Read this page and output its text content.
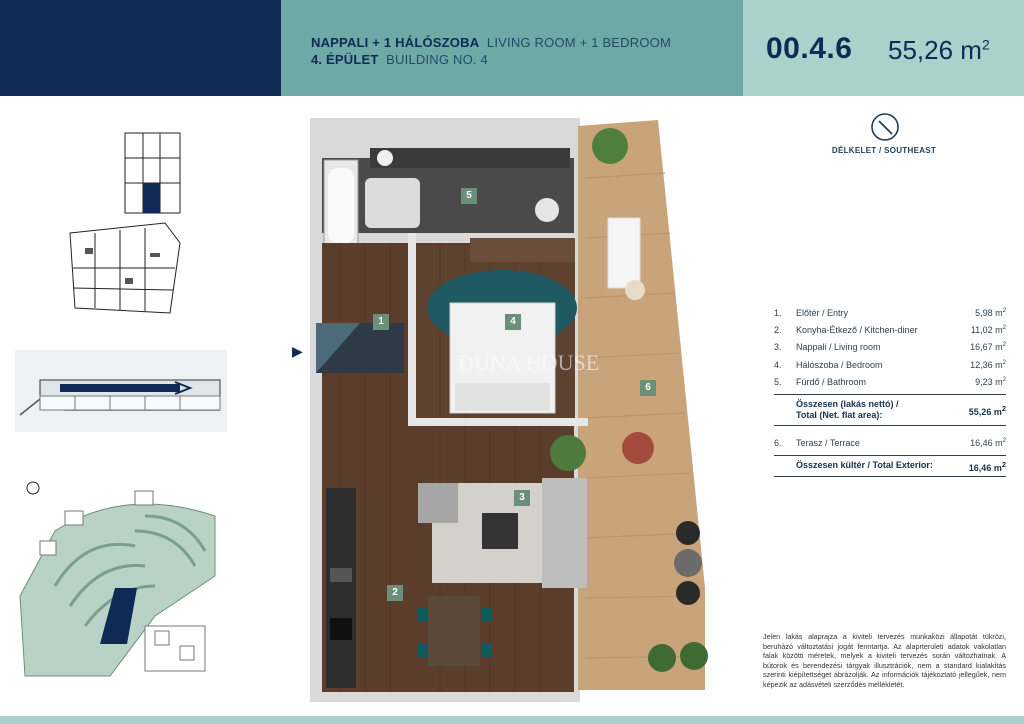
NAPPALI + 1 HÁLÓSZOBA LIVING ROOM + 1 BEDROOM
4. ÉPÜLET BUILDING NO. 4	00.4.6 55,26 $m^2$
▶	DUNA HOUSE
1
2
3
4
5
6
DÉLKELET / SOUTHEAST
1. Előtér / Entry	5,98 $m^2$
2. Konyha-Étkező / Kitchen-diner	11,02 $m^2$
3. Nappali / Living room	16,67 $m^2$
4. Hálószoba / Bedroom	12,36 $m^2$
5. Fürdő / Bathroom	9,23 $m^2$
Összesen (lakás nettó) /
Total (Net. flat area):	55,26 $m^2$
6. Terasz / Terrace	16,46 $m^2$
Összesen kültér / Total Exterior:	16,46 $m^2$
Jelen lakás alaprajza a kiviteli tervezés munkaközi állapotát tükrözi, beruházó változtatási jogát fenntartja. Az alaprteruleti adatok vakolatlan falak közötti méretek, melyek a kiviteli tervezés során változhatnak. A bútorok és berendezési tárgyak illusztrációk, nem a standard kialakítás szerinti kiépítettséget ábrázolják. Az információk tájékoztató jellegűek, nem képezik az adásvételi szerződés mellékletét.
